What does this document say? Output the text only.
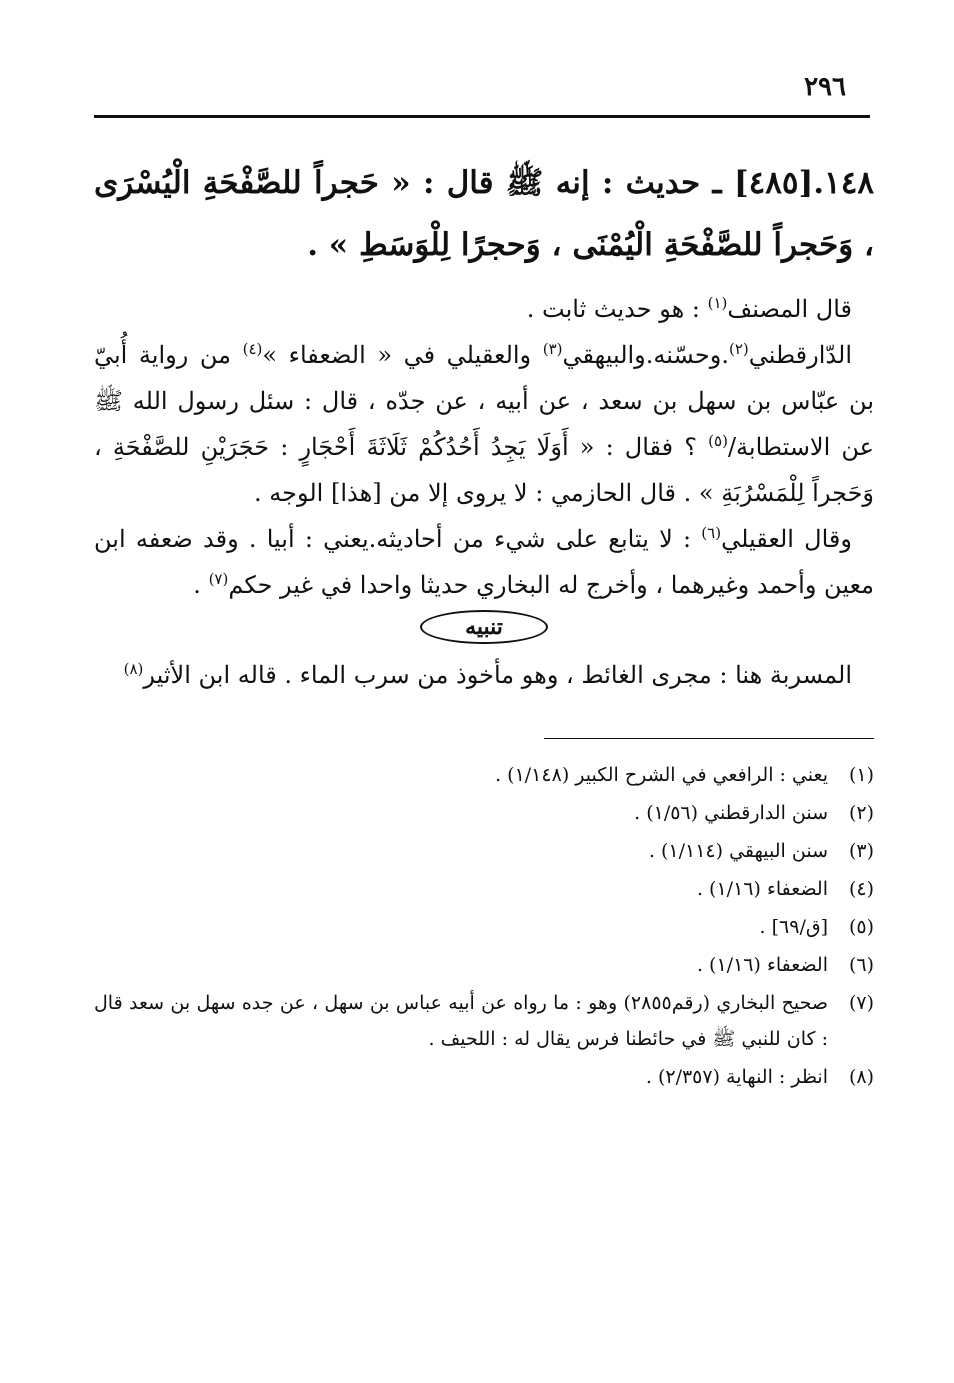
٢٩٦

١٤٨.[٤٨٥] ـ حديث : إنه ﷺ قال : « حَجراً للصَّفْحَةِ الْيُسْرَى ، وَحَجراً للصَّفْحَةِ الْيُمْنَى ، وَحجرًا لِلْوَسَطِ » .

قال المصنف$^{(١)}$ : هو حديث ثابت .

الدّارقطني$^{(٢)}$.وحسّنه.والبيهقي$^{(٣)}$ والعقيلي في « الضعفاء »$^{(٤)}$ من رواية أُبيّ بن عبّاس بن سهل بن سعد ، عن أبيه ، عن جدّه ، قال : سئل رسول الله ﷺ عن الاستطابة/$^{(٥)}$ ؟ فقال : « أَوَلَا يَجِدُ أَحُدُكُمْ ثَلَاثَةَ أَحْجَارٍ : حَجَرَيْنِ للصَّفْحَةِ ، وَحَجراً لِلْمَسْرُبَةِ » . قال الحازمي : لا يروى إلا من [هذا] الوجه .

وقال العقيلي$^{(٦)}$ : لا يتابع على شيء من أحاديثه.يعني : أبيا . وقد ضعفه ابن معين وأحمد وغيرهما ، وأخرج له البخاري حديثا واحدا في غير حكم$^{(٧)}$ .

تنبيه

المسربة هنا : مجرى الغائط ، وهو مأخوذ من سرب الماء . قاله ابن الأثير$^{(٨)}$

(١)
يعني : الرافعي في الشرح الكبير (١/١٤٨) .

(٢)
سنن الدارقطني (١/٥٦) .

(٣)
سنن البيهقي (١/١١٤) .

(٤)
الضعفاء (١/١٦) .

(٥)
[ق/٦٩] .

(٦)
الضعفاء (١/١٦) .

(٧)
صحيح البخاري (رقم٢٨٥٥) وهو : ما رواه عن أبيه عباس بن سهل ، عن جده سهل بن سعد قال : كان للنبي ﷺ في حائطنا فرس يقال له : اللحيف .

(٨)
انظر : النهاية (٢/٣٥٧) .
